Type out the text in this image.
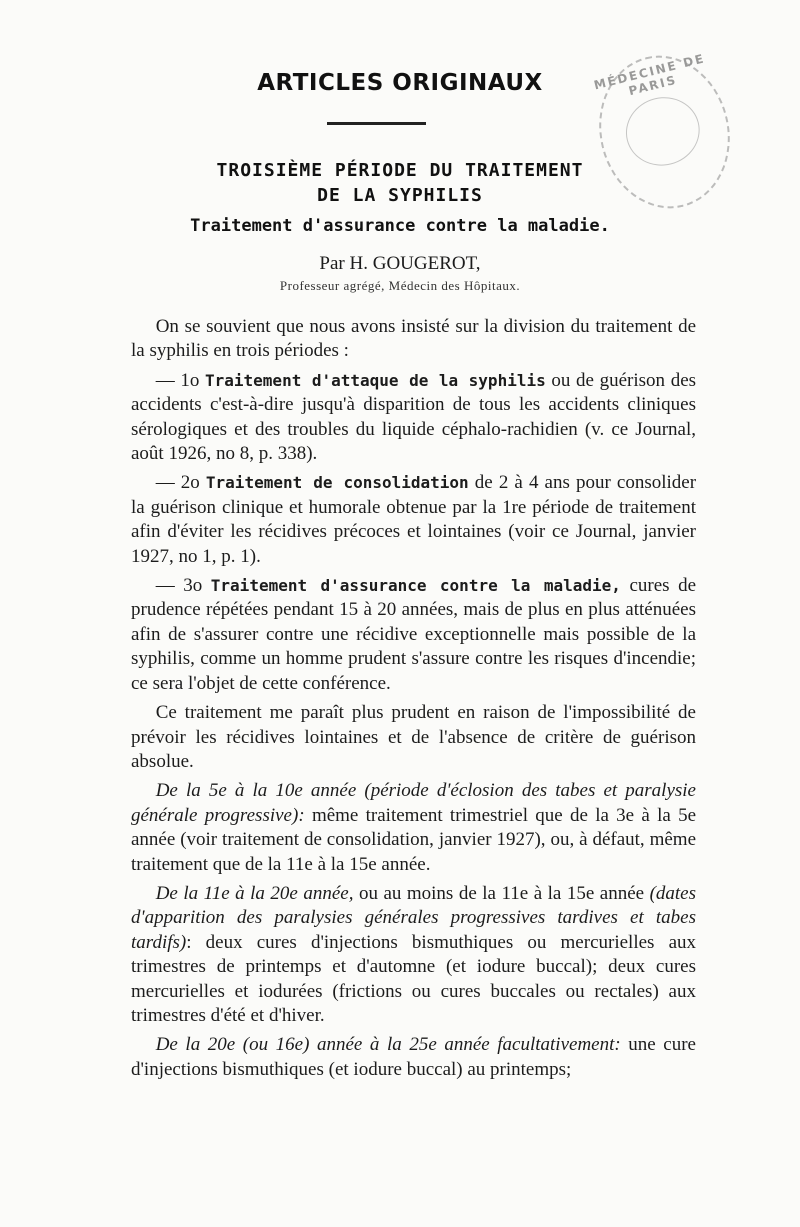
MÉDECINE DE PARIS
ARTICLES ORIGINAUX
TROISIÈME PÉRIODE DU TRAITEMENT
DE LA SYPHILIS
Traitement d'assurance contre la maladie.
Par H. GOUGEROT,
Professeur agrégé, Médecin des Hôpitaux.

On se souvient que nous avons insisté sur la division du traitement de la syphilis en trois périodes :

— 1o Traitement d'attaque de la syphilis ou de guérison des accidents c'est-à-dire jusqu'à disparition de tous les accidents cliniques sérologiques et des troubles du liquide céphalo-rachidien (v. ce Journal, août 1926, no 8, p. 338).

— 2o Traitement de consolidation de 2 à 4 ans pour consolider la guérison clinique et humorale obtenue par la 1re période de traitement afin d'éviter les récidives précoces et lointaines (voir ce Journal, janvier 1927, no 1, p. 1).

— 3o Traitement d'assurance contre la maladie, cures de prudence répétées pendant 15 à 20 années, mais de plus en plus atténuées afin de s'assurer contre une récidive exceptionnelle mais possible de la syphilis, comme un homme prudent s'assure contre les risques d'incendie; ce sera l'objet de cette conférence.

Ce traitement me paraît plus prudent en raison de l'impossibilité de prévoir les récidives lointaines et de l'absence de critère de guérison absolue.

De la 5e à la 10e année (période d'éclosion des tabes et paralysie générale progressive): même traitement trimestriel que de la 3e à la 5e année (voir traitement de consolidation, janvier 1927), ou, à défaut, même traitement que de la 11e à la 15e année.

De la 11e à la 20e année, ou au moins de la 11e à la 15e année (dates d'apparition des paralysies générales progressives tardives et tabes tardifs): deux cures d'injections bismuthiques ou mercurielles aux trimestres de printemps et d'automne (et iodure buccal); deux cures mercurielles et iodurées (frictions ou cures buccales ou rectales) aux trimestres d'été et d'hiver.

De la 20e (ou 16e) année à la 25e année facultativement: une cure d'injections bismuthiques (et iodure buccal) au printemps;
